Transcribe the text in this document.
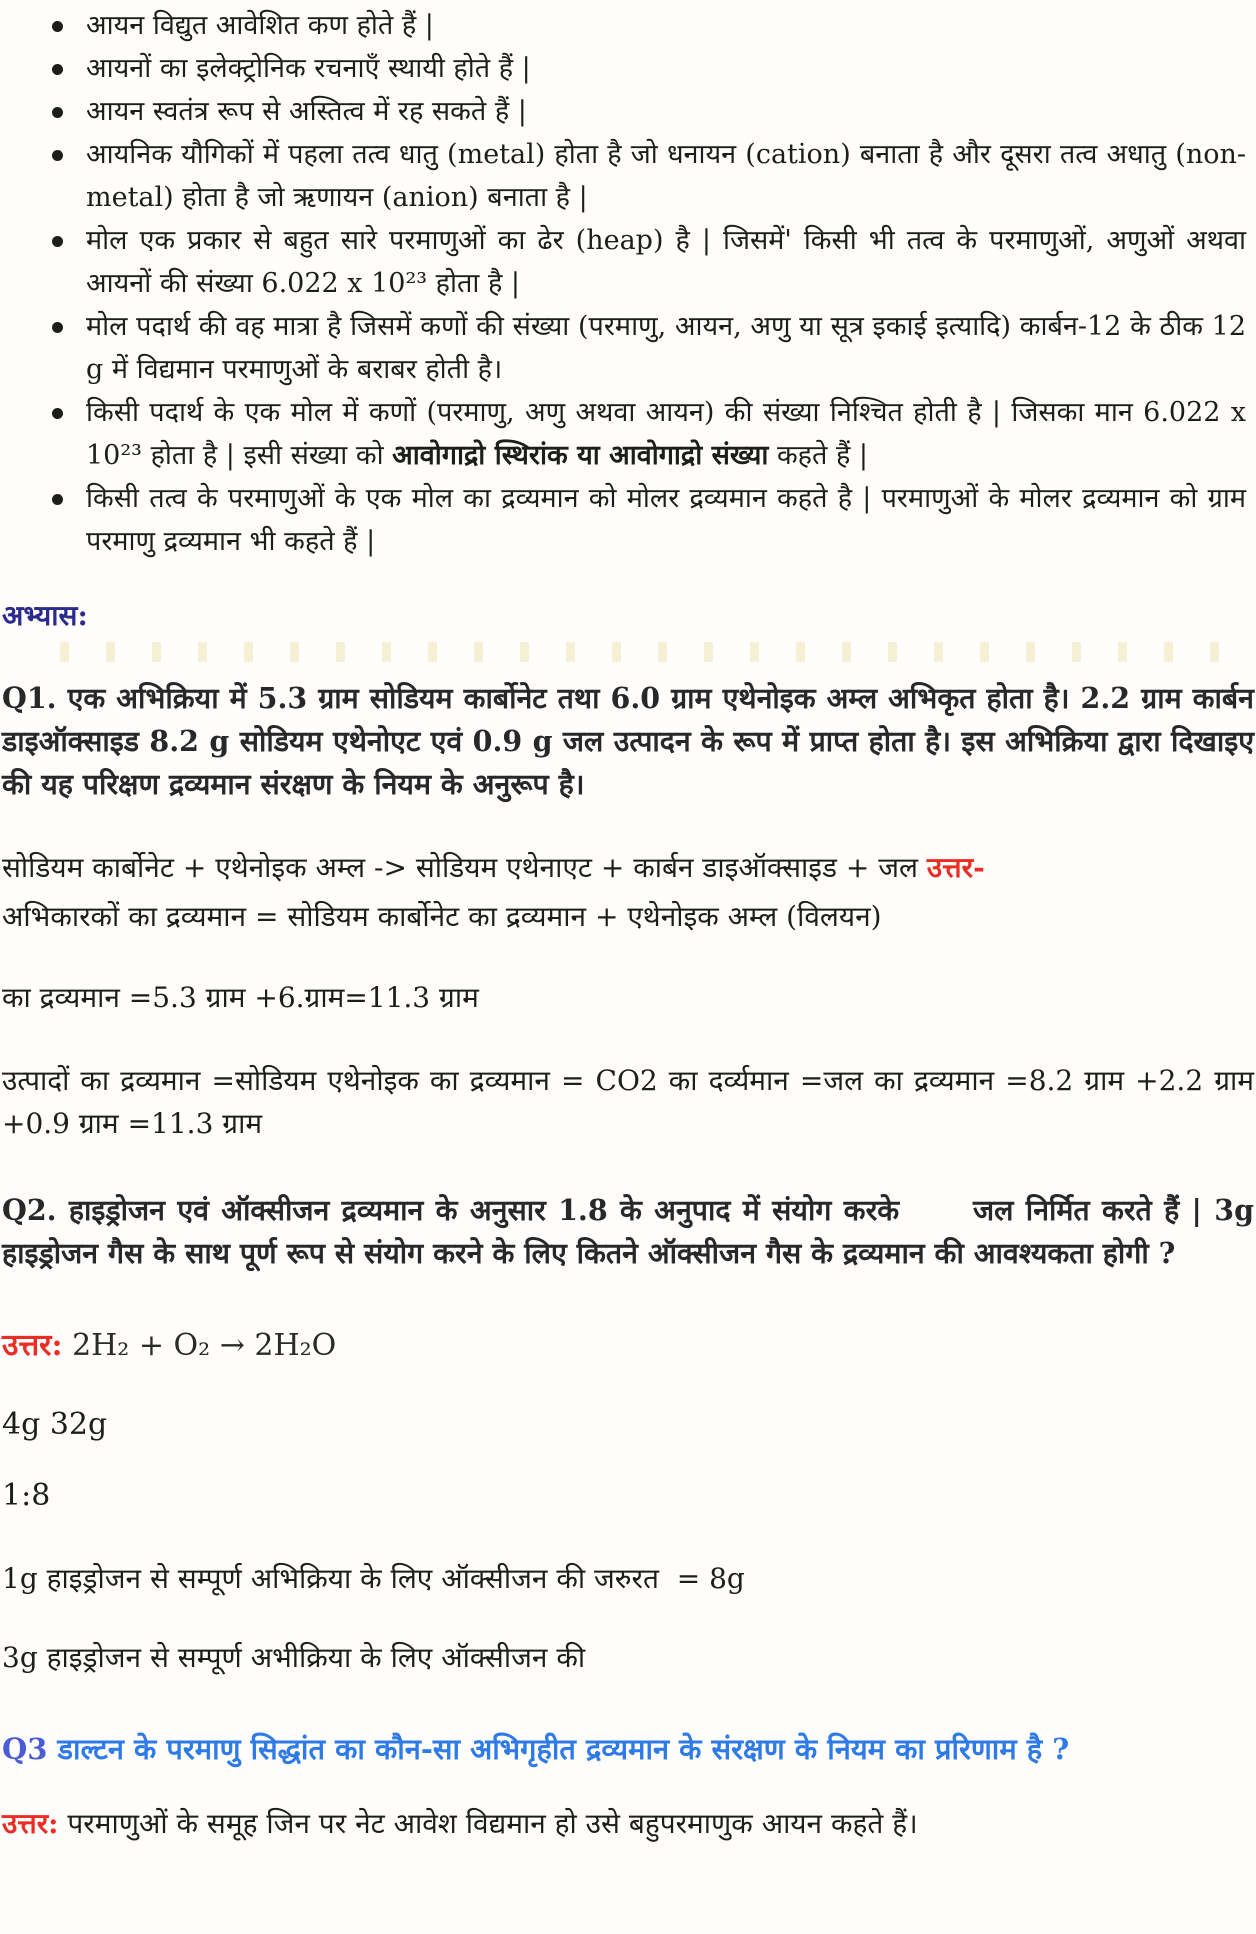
आयन विद्युत आवेशित कण होते हैं |
आयनों का इलेक्ट्रोनिक रचनाएँ स्थायी होते हैं |
आयन स्वतंत्र रूप से अस्तित्व में रह सकते हैं |
आयनिक यौगिकों में पहला तत्व धातु (metal) होता है जो धनायन (cation) बनाता है और दूसरा तत्व अधातु (non-metal) होता है जो ऋणायन (anion) बनाता है |
मोल एक प्रकार से बहुत सारे परमाणुओं का ढेर (heap) है | जिसमें' किसी भी तत्व के परमाणुओं, अणुओं अथवा आयनों की संख्या 6.022 x 10²³ होता है |
मोल पदार्थ की वह मात्रा है जिसमें कणों की संख्या (परमाणु, आयन, अणु या सूत्र इकाई इत्यादि) कार्बन-12 के ठीक 12 g में विद्यमान परमाणुओं के बराबर होती है।
किसी पदार्थ के एक मोल में कणों (परमाणु, अणु अथवा आयन) की संख्या निश्चित होती है | जिसका मान 6.022 x 10²³ होता है | इसी संख्या को आवोगाद्रो स्थिरांक या आवोगाद्रो संख्या कहते हैं |
किसी तत्व के परमाणुओं के एक मोल का द्रव्यमान को मोलर द्रव्यमान कहते है | परमाणुओं के मोलर द्रव्यमान को ग्राम परमाणु द्रव्यमान भी कहते हैं |
अभ्यास:
Q1. एक अभिक्रिया में 5.3 ग्राम सोडियम कार्बोनेट तथा 6.0 ग्राम एथेनोइक अम्ल अभिकृत होता है। 2.2 ग्राम कार्बन डाइऑक्साइड 8.2 g सोडियम एथेनोएट एवं 0.9 g जल उत्पादन के रूप में प्राप्त होता है। इस अभिक्रिया द्वारा दिखाइए की यह परिक्षण द्रव्यमान संरक्षण के नियम के अनुरूप है।
सोडियम कार्बोनेट + एथेनोइक अम्ल -> सोडियम एथेनाएट + कार्बन डाइऑक्साइड + जल उत्तर-
अभिकारकों का द्रव्यमान = सोडियम कार्बोनेट का द्रव्यमान + एथेनोइक अम्ल (विलयन)
का द्रव्यमान =5.3 ग्राम +6.ग्राम=11.3 ग्राम
उत्पादों का द्रव्यमान =सोडियम एथेनोइक का द्रव्यमान = CO2 का दर्व्यमान =जल का द्रव्यमान =8.2 ग्राम +2.2 ग्राम +0.9 ग्राम =11.3 ग्राम
Q2. हाइड्रोजन एवं ऑक्सीजन द्रव्यमान के अनुसार 1.8 के अनुपाद में संयोग करके      जल निर्मित करते हैं | 3g हाइड्रोजन गैस के साथ पूर्ण रूप से संयोग करने के लिए कितने ऑक्सीजन गैस के द्रव्यमान की आवश्यकता होगी ?
उत्तर: 2H₂ + O₂ → 2H₂O
4g 32g
1:8
1g हाइड्रोजन से सम्पूर्ण अभिक्रिया के लिए ऑक्सीजन की जरुरत  = 8g
3g हाइड्रोजन से सम्पूर्ण अभीक्रिया के लिए ऑक्सीजन की
Q3 डाल्टन के परमाणु सिद्धांत का कौन-सा अभिगृहीत द्रव्यमान के संरक्षण के नियम का प्ररिणाम है ?
उत्तर: परमाणुओं के समूह जिन पर नेट आवेश विद्यमान हो उसे बहुपरमाणुक आयन कहते हैं।
